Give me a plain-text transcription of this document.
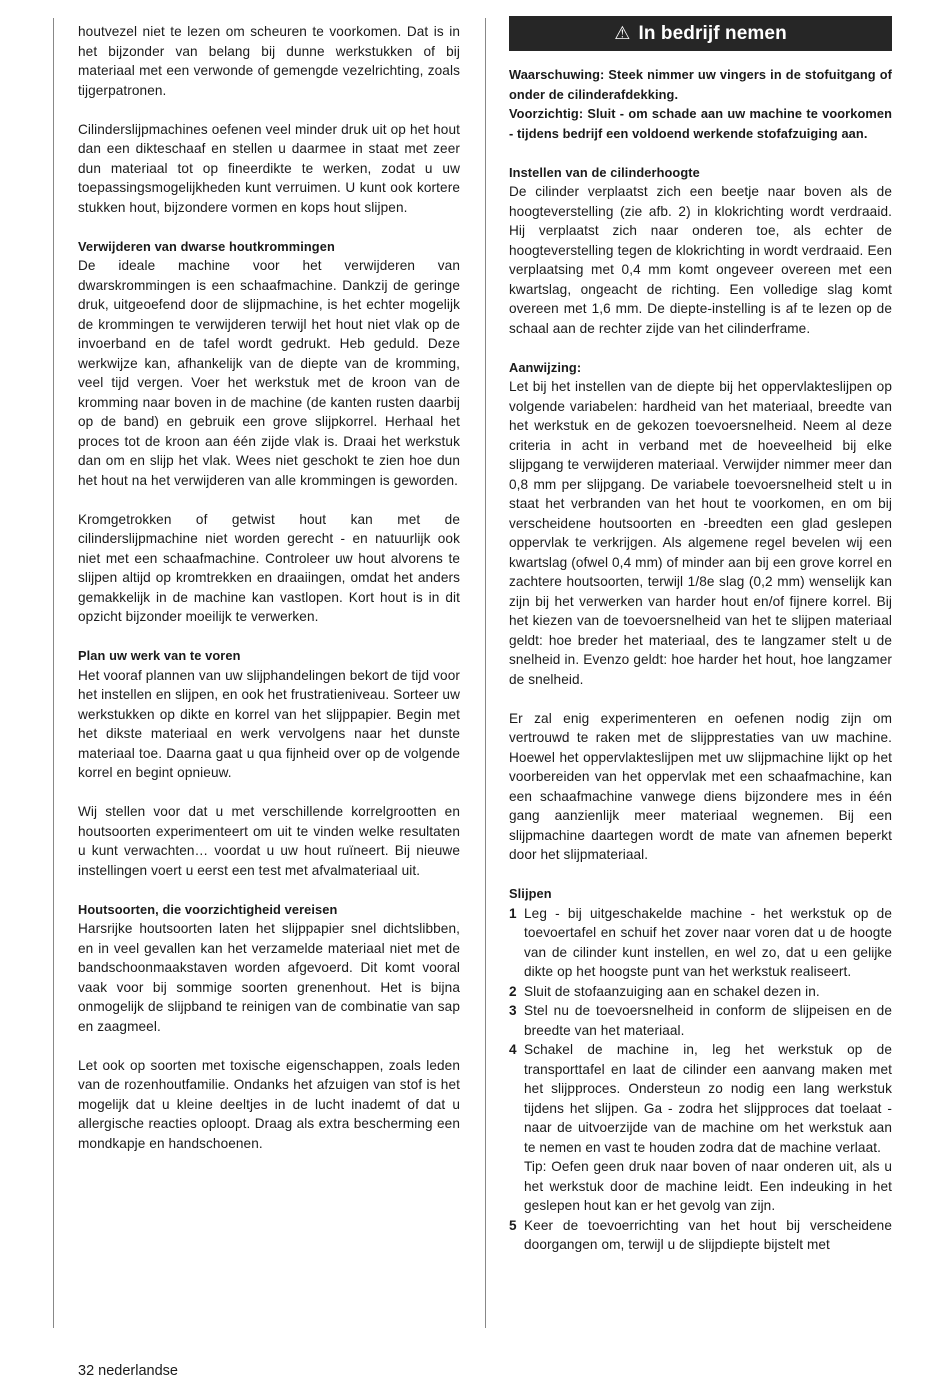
houtvezel niet te lezen om scheuren te voorkomen. Dat is in het bijzonder van belang bij dunne werkstukken of bij materiaal met een verwonde of gemengde vezelrichting, zoals tijgerpatronen.

Cilinderslijpmachines oefenen veel minder druk uit op het hout dan een dikteschaaf en stellen u daarmee in staat met zeer dun materiaal tot op fineerdikte te werken, zodat u uw toepassingsmogelijkheden kunt verruimen. U kunt ook kortere stukken hout, bijzondere vormen en kops hout slijpen.

Verwijderen van dwarse houtkrommingen

De ideale machine voor het verwijderen van dwarskrommingen is een schaafmachine. Dankzij de geringe druk, uitgeoefend door de slijpmachine, is het echter mogelijk de krommingen te verwijderen terwijl het hout niet vlak op de invoerband en de tafel wordt gedrukt. Heb geduld. Deze werkwijze kan, afhankelijk van de diepte van de kromming, veel tijd vergen. Voer het werkstuk met de kroon van de kromming naar boven in de machine (de kanten rusten daarbij op de band) en gebruik een grove slijpkorrel. Herhaal het proces tot de kroon aan één zijde vlak is. Draai het werkstuk dan om en slijp het vlak. Wees niet geschokt te zien hoe dun het hout na het verwijderen van alle krommingen is geworden.

Kromgetrokken of getwist hout kan met de cilinderslijpmachine niet worden gerecht - en natuurlijk ook niet met een schaafmachine. Controleer uw hout alvorens te slijpen altijd op kromtrekken en draaiingen, omdat het anders gemakkelijk in de machine kan vastlopen. Kort hout is in dit opzicht bijzonder moeilijk te verwerken.

Plan uw werk van te voren

Het vooraf plannen van uw slijphandelingen bekort de tijd voor het instellen en slijpen, en ook het frustratieniveau. Sorteer uw werkstukken op dikte en korrel van het slijppapier. Begin met het dikste materiaal en werk vervolgens naar het dunste materiaal toe. Daarna gaat u qua fijnheid over op de volgende korrel en begint opnieuw.

Wij stellen voor dat u met verschillende korrelgrootten en houtsoorten experimenteert om uit te vinden welke resultaten u kunt verwachten… voordat u uw hout ruïneert. Bij nieuwe instellingen voert u eerst een test met afvalmateriaal uit.

Houtsoorten, die voorzichtigheid vereisen

Harsrijke houtsoorten laten het slijppapier snel dichtslibben, en in veel gevallen kan het verzamelde materiaal niet met de bandschoonmaakstaven worden afgevoerd. Dit komt vooral vaak voor bij sommige soorten grenenhout. Het is bijna onmogelijk de slijpband te reinigen van de combinatie van sap en zaagmeel.

Let ook op soorten met toxische eigenschappen, zoals leden van de rozenhoutfamilie. Ondanks het afzuigen van stof is het mogelijk dat u kleine deeltjes in de lucht inademt of dat u allergische reacties oploopt. Draag als extra bescherming een mondkapje en handschoenen.

⚠ In bedrijf nemen
Waarschuwing: Steek nimmer uw vingers in de stofuitgang of onder de cilinderafdekking.
Voorzichtig: Sluit - om schade aan uw machine te voorkomen - tijdens bedrijf een voldoend werkende stofafzuiging aan.
Instellen van de cilinderhoogte

De cilinder verplaatst zich een beetje naar boven als de hoogteverstelling (zie afb. 2) in klokrichting wordt verdraaid. Hij verplaatst zich naar onderen toe, als echter de hoogteverstelling tegen de klokrichting in wordt verdraaid. Een verplaatsing met 0,4 mm komt ongeveer overeen met een kwartslag, ongeacht de richting. Een volledige slag komt overeen met 1,6 mm. De diepte-instelling is af te lezen op de schaal aan de rechter zijde van het cilinderframe.

Aanwijzing:

Let bij het instellen van de diepte bij het oppervlakteslijpen op volgende variabelen: hardheid van het materiaal, breedte van het werkstuk en de gekozen toevoersnelheid. Neem al deze criteria in acht in verband met de hoeveelheid bij elke slijpgang te verwijderen materiaal. Verwijder nimmer meer dan 0,8 mm per slijpgang. De variabele toevoersnelheid stelt u in staat het verbranden van het hout te voorkomen, en om bij verscheidene houtsoorten en -breedten een glad geslepen oppervlak te verkrijgen. Als algemene regel bevelen wij een kwartslag (ofwel 0,4 mm) of minder aan bij een grove korrel en zachtere houtsoorten, terwijl 1/8e slag (0,2 mm) wenselijk kan zijn bij het verwerken van harder hout en/of fijnere korrel. Bij het kiezen van de toevoersnelheid van het te slijpen materiaal geldt: hoe breder het materiaal, des te langzamer stelt u de snelheid in. Evenzo geldt: hoe harder het hout, hoe langzamer de snelheid.

Er zal enig experimenteren en oefenen nodig zijn om vertrouwd te raken met de slijpprestaties van uw machine. Hoewel het oppervlakteslijpen met uw slijpmachine lijkt op het voorbereiden van het oppervlak met een schaafmachine, kan een schaafmachine vanwege diens bijzondere mes in één gang aanzienlijk meer materiaal wegnemen. Bij een slijpmachine daartegen wordt de mate van afnemen beperkt door het slijpmateriaal.

Slijpen
1 Leg - bij uitgeschakelde machine - het werkstuk op de toevoertafel en schuif het zover naar voren dat u de hoogte van de cilinder kunt instellen, en wel zo, dat u een gelijke dikte op het hoogste punt van het werkstuk realiseert.
2 Sluit de stofaanzuiging aan en schakel dezen in.
3 Stel nu de toevoersnelheid in conform de slijpeisen en de breedte van het materiaal.
4 Schakel de machine in, leg het werkstuk op de transporttafel en laat de cilinder een aanvang maken met het slijpproces. Ondersteun zo nodig een lang werkstuk tijdens het slijpen. Ga - zodra het slijpproces dat toelaat - naar de uitvoerzijde van de machine om het werkstuk aan te nemen en vast te houden zodra dat de machine verlaat.
Tip: Oefen geen druk naar boven of naar onderen uit, als u het werkstuk door de machine leidt. Een indeuking in het geslepen hout kan er het gevolg van zijn.
5 Keer de toevoerrichting van het hout bij verscheidene doorgangen om, terwijl u de slijpdiepte bijstelt met
32 nederlandse
